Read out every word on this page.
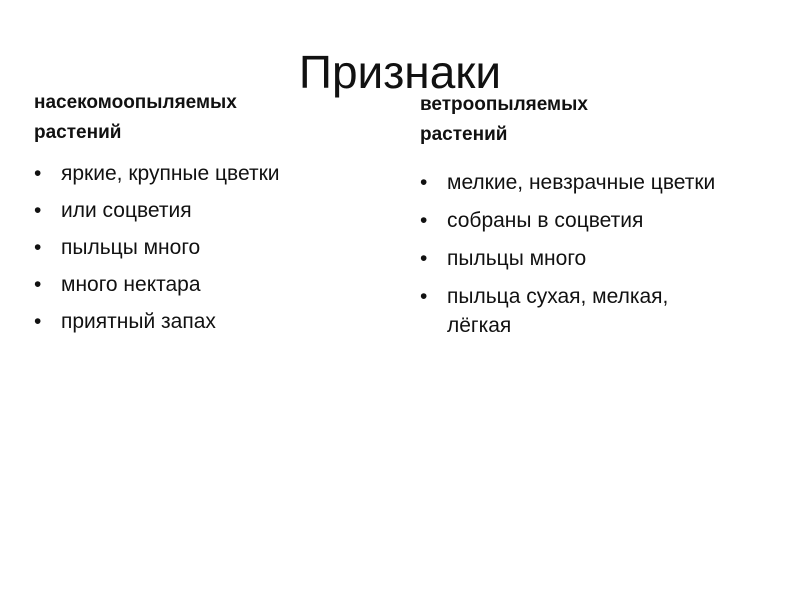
Признаки
насекомоопыляемых
растений
ветроопыляемых
растений
• яркие, крупные цветки
• или соцветия
• пыльцы много
• много нектара
• приятный запах
• мелкие, невзрачные цветки
• собраны в соцветия
• пыльцы много
• пыльца сухая, мелкая,
лёгкая
